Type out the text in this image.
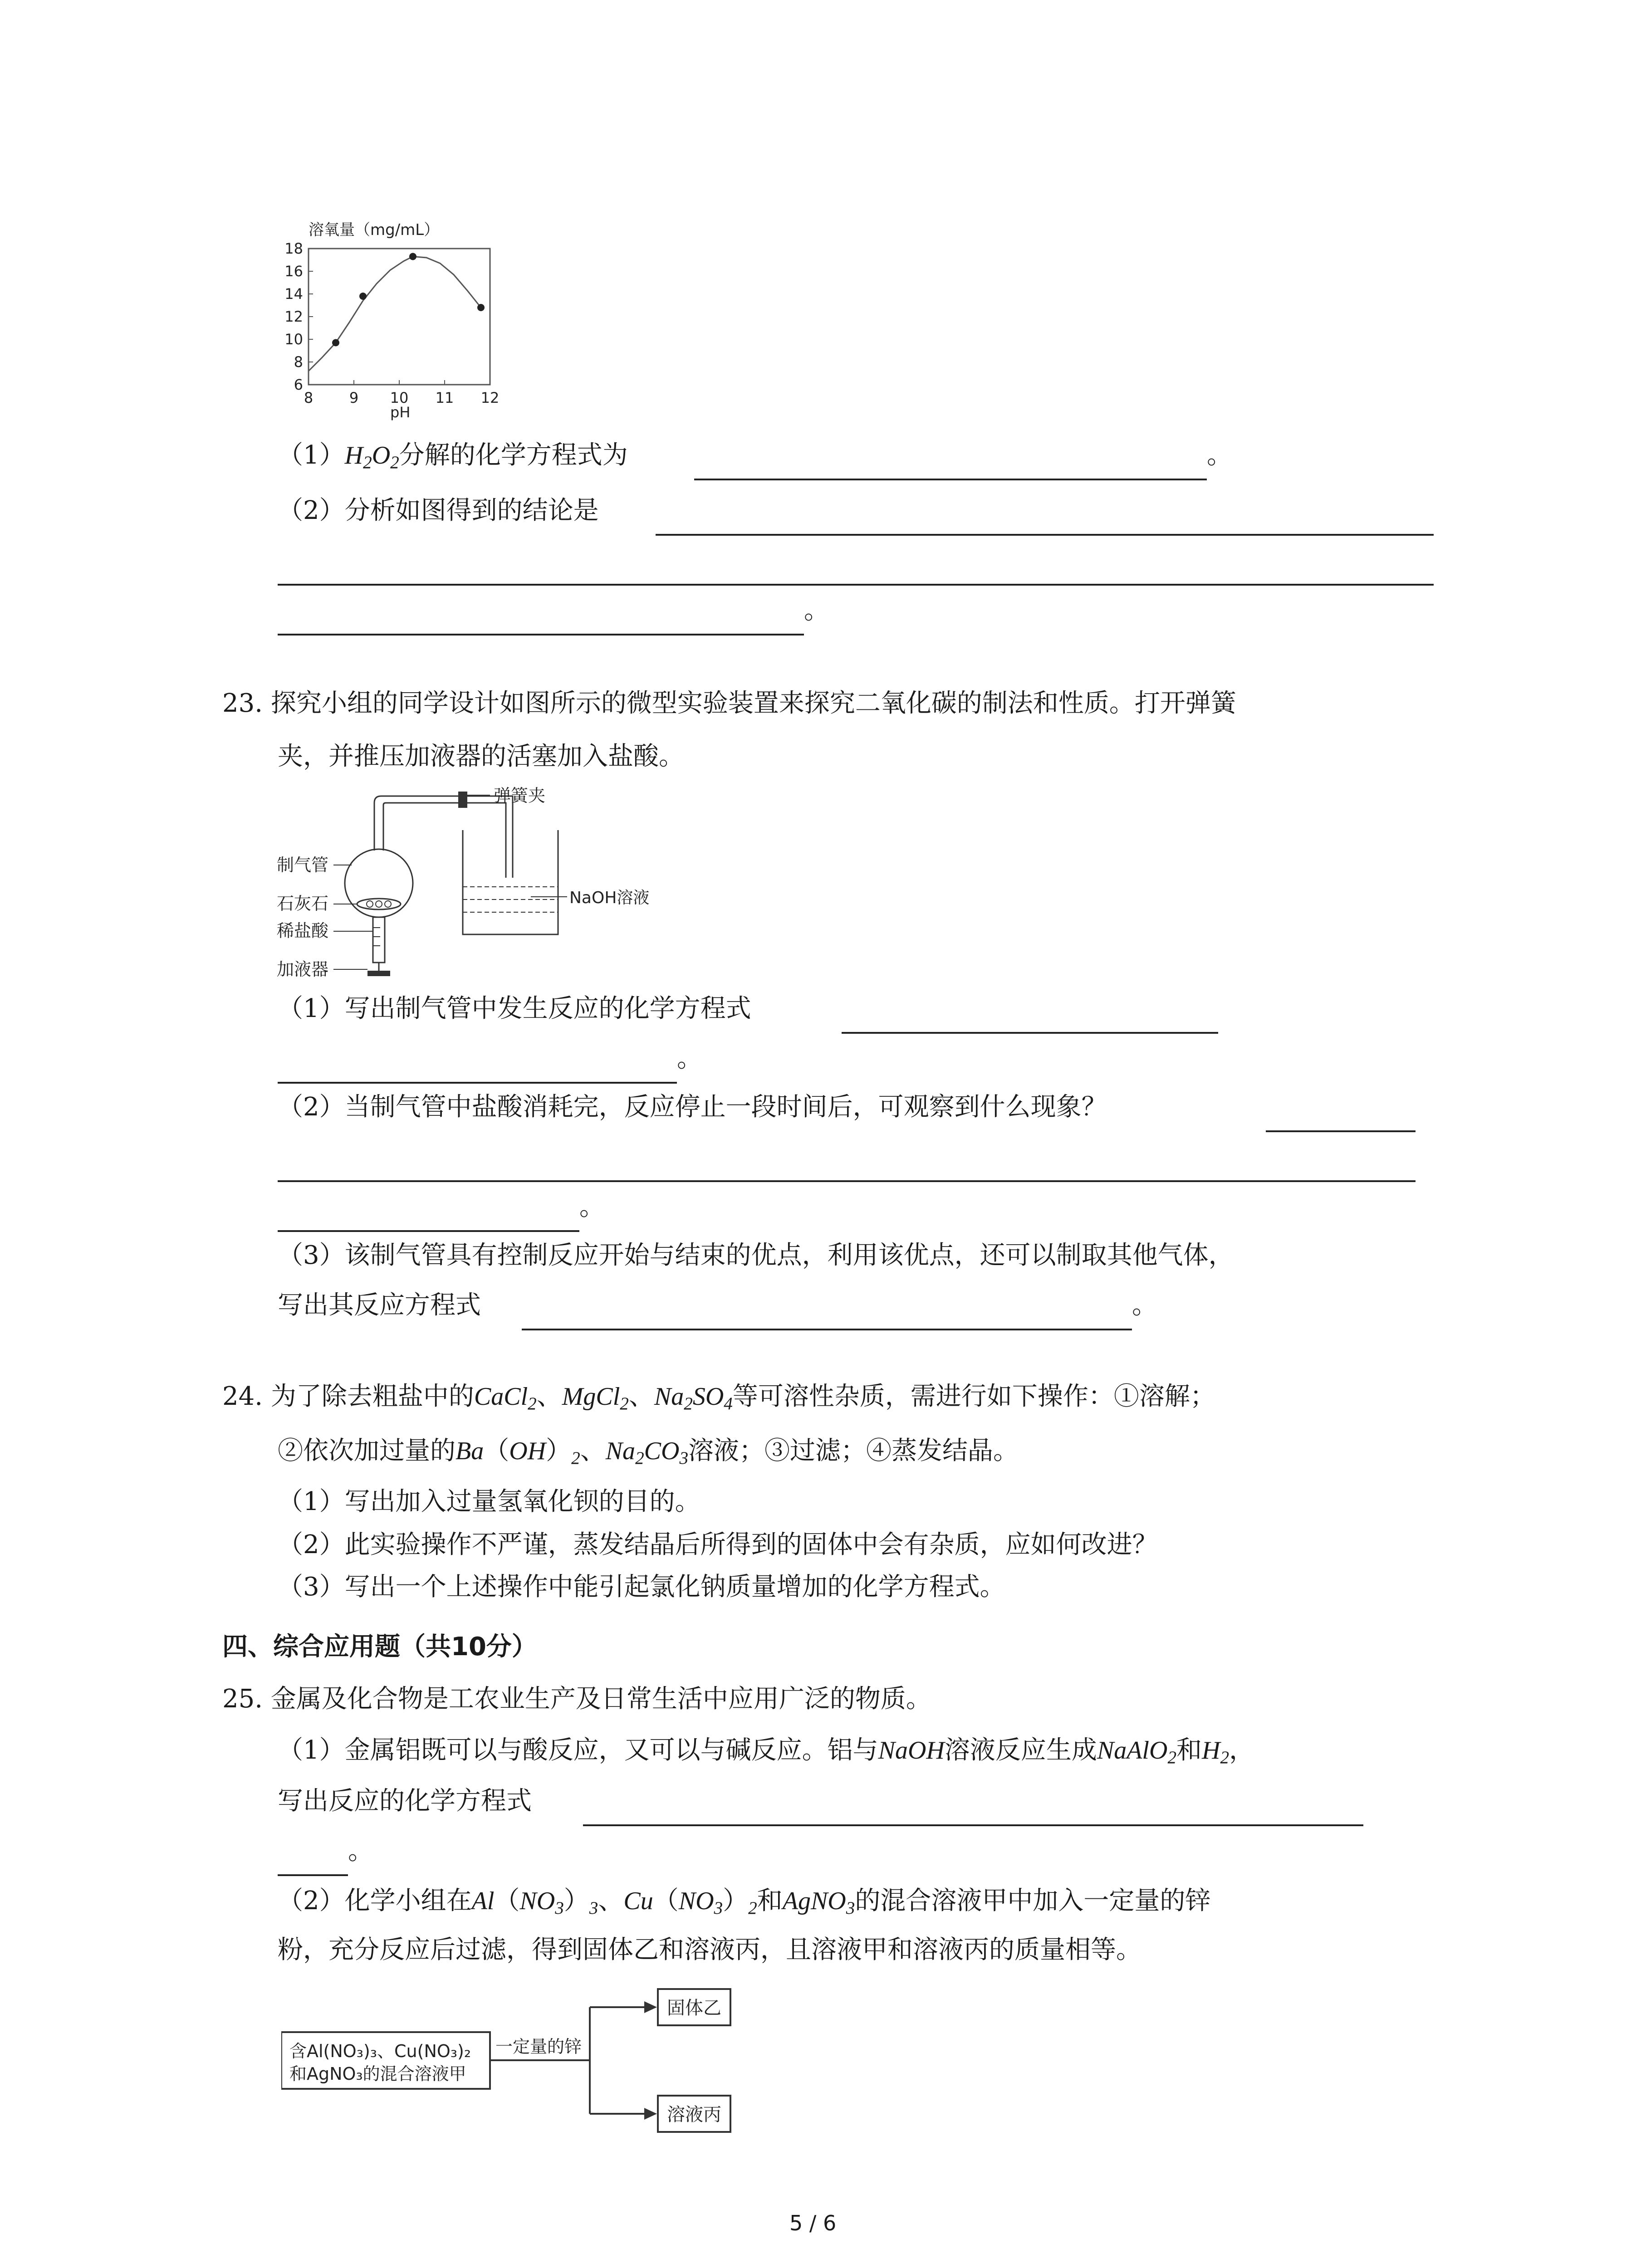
溶氧量（mg/mL）
6
8
10
12
14
16
18
8 9 10 11 12
pH
$(1)H_2O_2$分解的化学方程式为	。
（2）分析如图得到的结论是
。
23. 探究小组的同学设计如图所示的微型实验装置来探究二氧化碳的制法和性质。打开弹簧
夹，并推压加液器的活塞加入盐酸。
弹簧夹
NaOH溶液
制气管
石灰石
稀盐酸
加液器
（1）写出制气管中发生反应的化学方程式
。
（2）当制气管中盐酸消耗完，反应停止一段时间后，可观察到什么现象？
。
（3）该制气管具有控制反应开始与结束的优点，利用该优点，还可以制取其他气体，
写出其反应方程式	。
24. 为了除去粗盐中的CaCl$_2$、MgCl$_2$、$Na_2SO_4$等可溶性杂质，需进行如下操作：①溶解；
②依次加过量的$Ba(OH)_2$、$Na_2CO_3$溶液；③过滤；④蒸发结晶。
（1）写出加入过量氢氧化钡的目的。
（2）此实验操作不严谨，蒸发结晶后所得到的固体中会有杂质，应如何改进？
（3）写出一个上述操作中能引起氯化钠质量增加的化学方程式。
四、综合应用题（共10分）
25. 金属及化合物是工农业生产及日常生活中应用广泛的物质。
（1）金属铝既可以与酸反应，又可以与碱反应。铝与NaOH溶液反应生成NaAlO$_2$和$H_2$，
写出反应的化学方程式
。
（2）化学小组在$Al(NO_3)_3$、$Cu(NO_3)_2$和AgNO$_3$的混合溶液甲中加入一定量的锌
粉，充分反应后过滤，得到固体乙和溶液丙，且溶液甲和溶液丙的质量相等。
含Al(NO₃)₃、Cu(NO₃)₂
和AgNO₃的混合溶液甲
一定量的锌
固体乙
溶液丙
5 / 6
